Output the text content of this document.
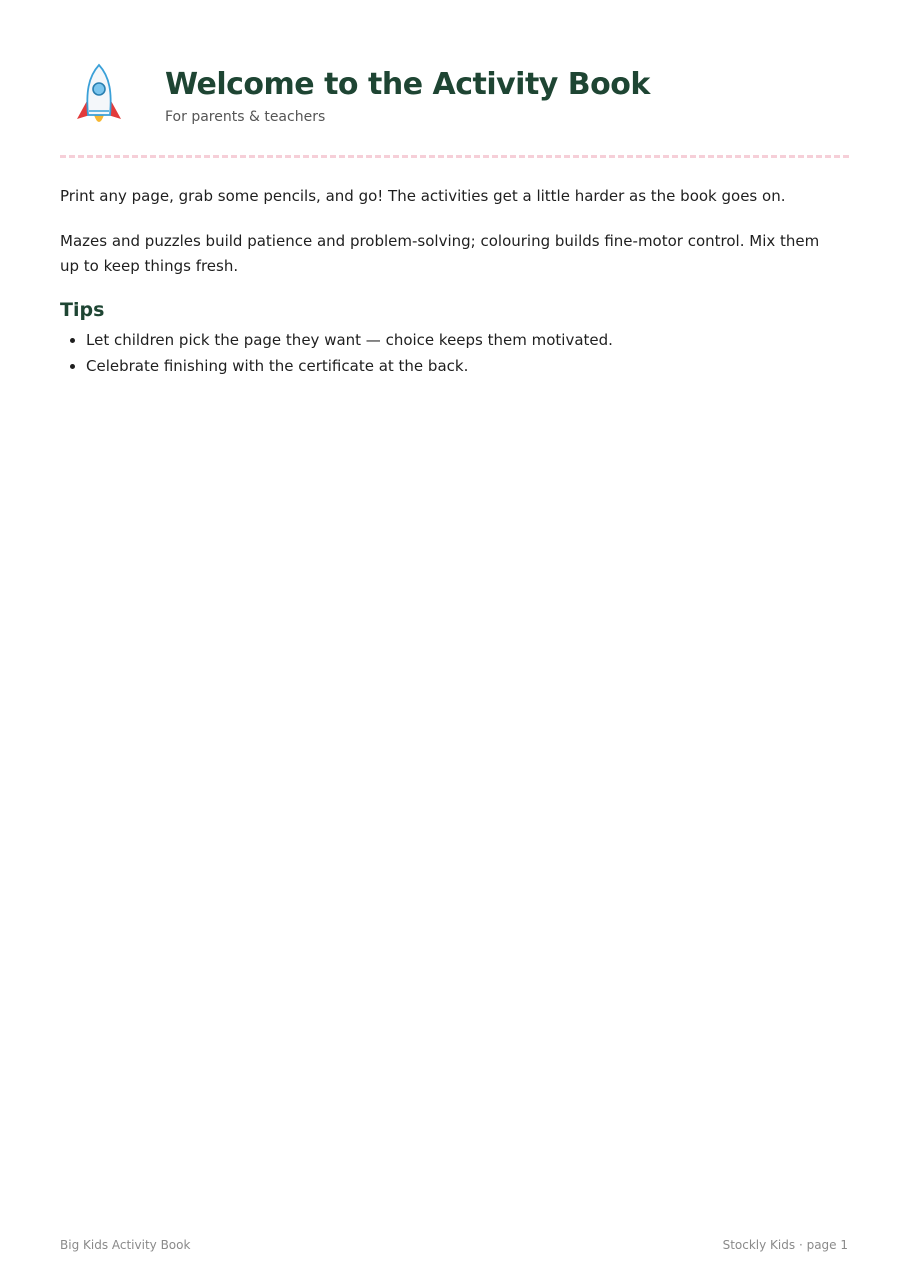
Welcome to the Activity Book

For parents & teachers

Print any page, grab some pencils, and go! The activities get a little harder as the book goes on.

Mazes and puzzles build patience and problem-solving; colouring builds fine-motor control. Mix them up to keep things fresh.

Tips
• Let children pick the page they want — choice keeps them motivated.
• Celebrate finishing with the certificate at the back.
Big Kids Activity Book	Stockly Kids · page 1
